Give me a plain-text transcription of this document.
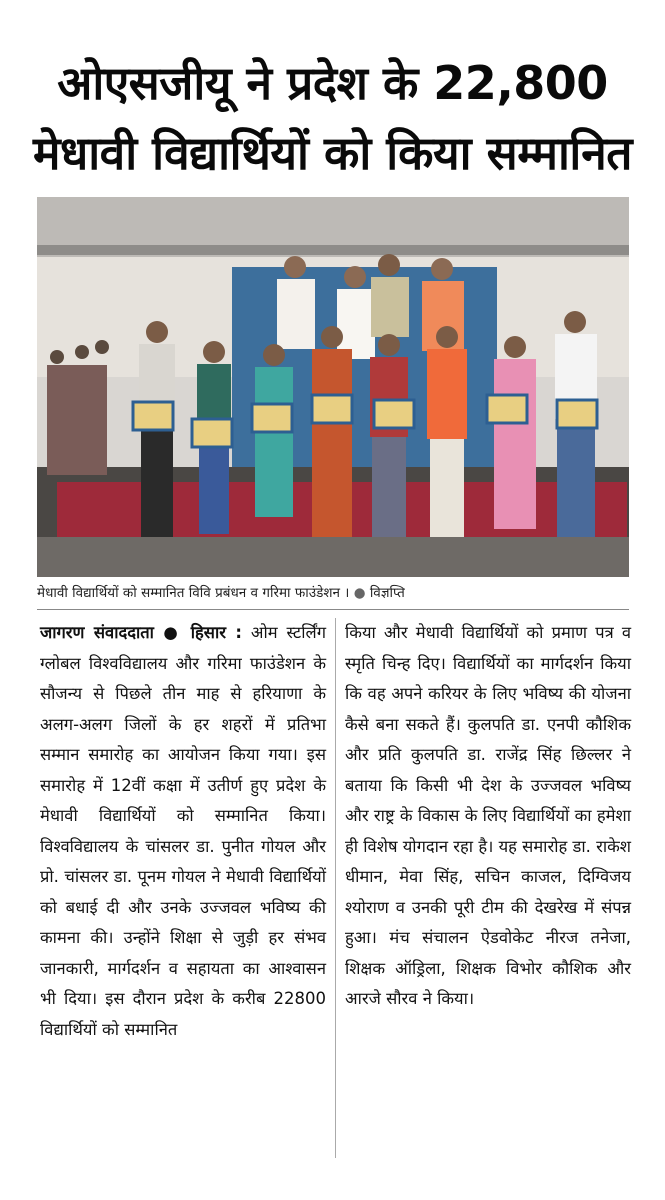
ओएसजीयू ने प्रदेश के 22,800
मेधावी विद्यार्थियों को किया सम्मानित
मेधावी विद्यार्थियों को सम्मानित विवि प्रबंधन व गरिमा फाउंडेशन । ● विज्ञप्ति

जागरण संवाददाता ● हिसार : ओम स्टर्लिंग ग्लोबल विश्वविद्यालय और गरिमा फाउंडेशन के सौजन्य से पिछले तीन माह से हरियाणा के अलग-अलग जिलों के हर शहरों में प्रतिभा सम्मान समारोह का आयोजन किया गया। इस समारोह में 12वीं कक्षा में उतीर्ण हुए प्रदेश के मेधावी विद्यार्थियों को सम्मानित किया। विश्वविद्यालय के चांसलर डा. पुनीत गोयल और प्रो. चांसलर डा. पूनम गोयल ने मेधावी विद्यार्थियों को बधाई दी और उनके उज्जवल भविष्य की कामना की। उन्होंने शिक्षा से जुड़ी हर संभव जानकारी, मार्गदर्शन व सहायता का आश्वासन भी दिया। इस दौरान प्रदेश के करीब 22800 विद्यार्थियों को सम्मानित

किया और मेधावी विद्यार्थियों को प्रमाण पत्र व स्मृति चिन्ह दिए। विद्यार्थियों का मार्गदर्शन किया कि वह अपने करियर के लिए भविष्य की योजना कैसे बना सकते हैं। कुलपति डा. एनपी कौशिक और प्रति कुलपति डा. राजेंद्र सिंह छिल्लर ने बताया कि किसी भी देश के उज्जवल भविष्य और राष्ट्र के विकास के लिए विद्यार्थियों का हमेशा ही विशेष योगदान रहा है। यह समारोह डा. राकेश धीमान, मेवा सिंह, सचिन काजल, दिग्विजय श्योराण व उनकी पूरी टीम की देखरेख में संपन्न हुआ। मंच संचालन ऐडवोकेट नीरज तनेजा, शिक्षक ऑड्रिला, शिक्षक विभोर कौशिक और आरजे सौरव ने किया।
